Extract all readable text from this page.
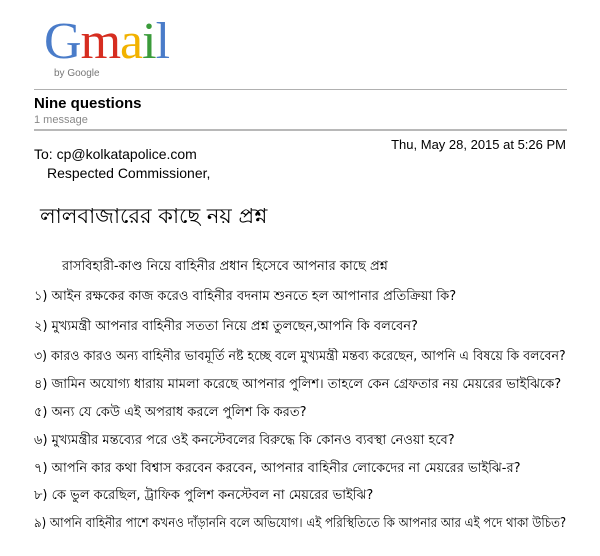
Gmail
by Google
Nine questions
1 message
To: cp@kolkatapolice.com
Thu, May 28, 2015 at 5:26 PM
Respected Commissioner,
লালবাজারের কাছে নয় প্রশ্ন
রাসবিহারী-কাণ্ড নিয়ে বাহিনীর প্রধান হিসেবে আপনার কাছে প্রশ্ন
১) আইন রক্ষকের কাজ করেও বাহিনীর বদনাম শুনতে হল আপানার প্রতিক্রিয়া কি?
২) মুখ্যমন্ত্রী আপনার বাহিনীর সততা নিয়ে প্রশ্ন তুলছেন,আপনি কি বলবেন?
৩) কারও কারও অন্য বাহিনীর ভাবমূর্তি নষ্ট হচ্ছে বলে মুখ্যমন্ত্রী মন্তব্য করেছেন, আপনি এ বিষয়ে কি বলবেন?
৪) জামিন অযোগ্য ধারায় মামলা করেছে আপনার পুলিশ। তাহলে কেন গ্রেফতার নয় মেয়রের ভাইঝিকে?
৫) অন্য যে কেউ এই অপরাধ করলে পুলিশ কি করত?
৬) মুখ্যমন্ত্রীর মন্তব্যের পরে ওই কনস্টেবলের বিরুদ্ধে কি কোনও ব্যবস্থা নেওয়া হবে?
৭) আপনি কার কথা বিশ্বাস করবেন করবেন, আপনার বাহিনীর লোকেদের না মেয়রের ভাইঝি-র?
৮) কে ভুল করেছিল, ট্রাফিক পুলিশ কনস্টেবল না মেয়রের ভাইঝি?
৯) আপনি বাহিনীর পাশে কখনও দাঁড়াননি বলে অভিযোগ। এই পরিস্থিতিতে কি আপনার আর এই পদে থাকা উচিত?
